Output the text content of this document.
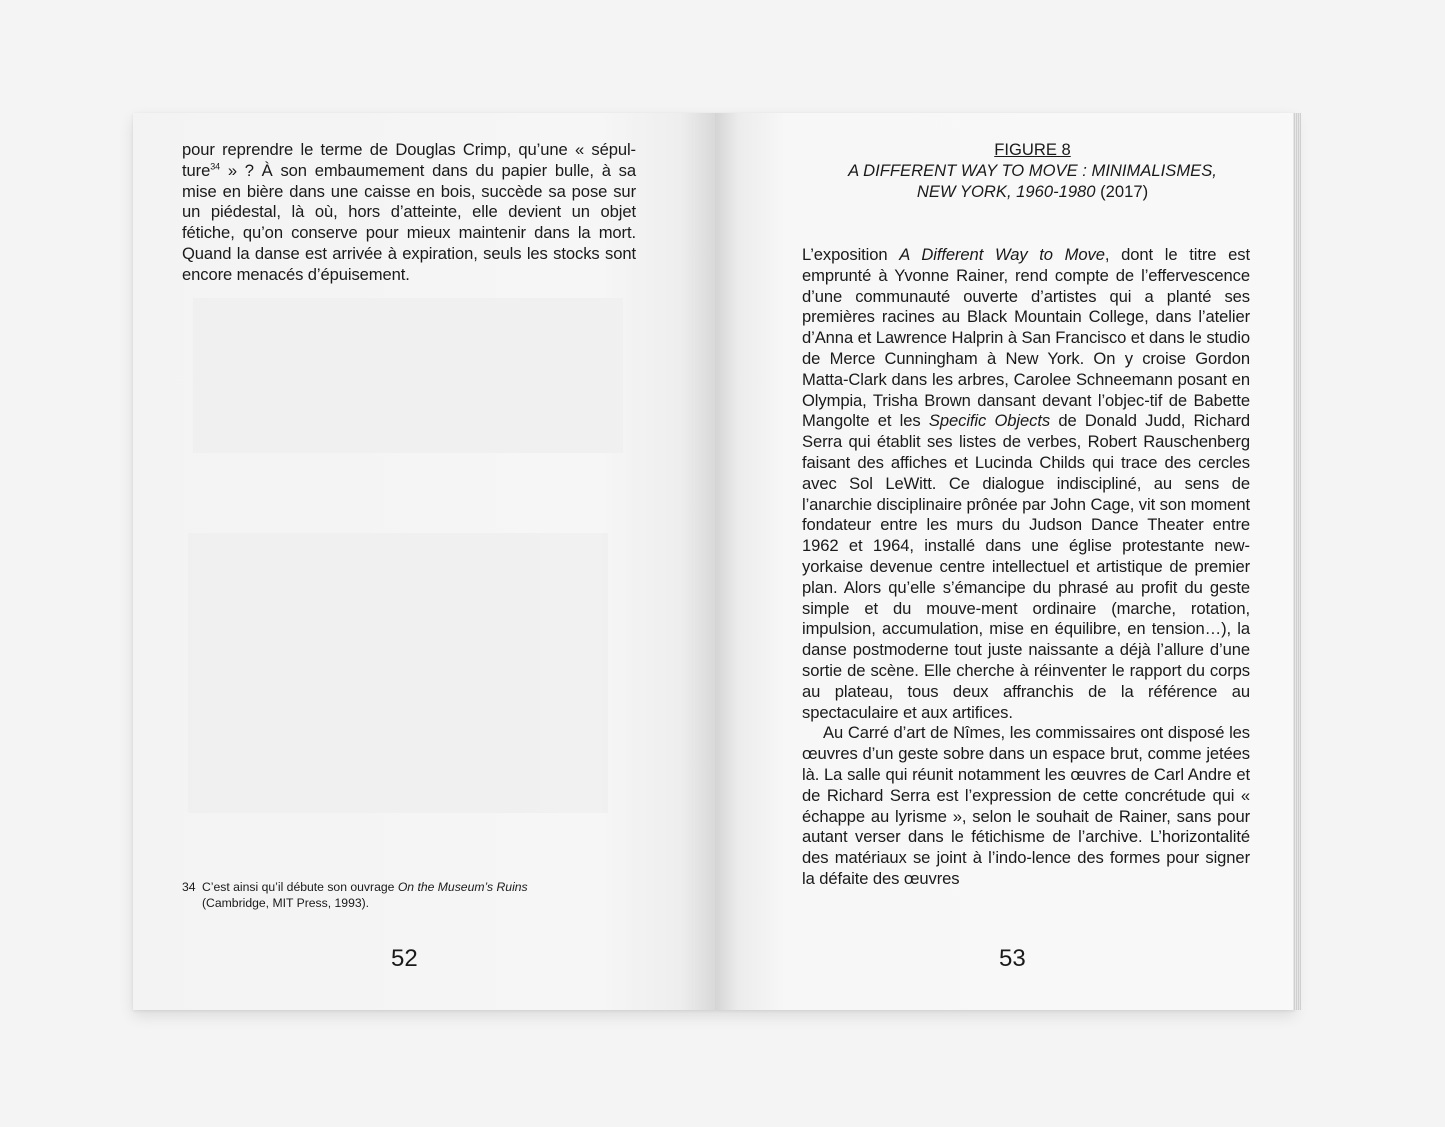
pour reprendre le terme de Douglas Crimp, qu’une « sépul-ture$^{34}$ » ? À son embaumement dans du papier bulle, à sa mise en bière dans une caisse en bois, succède sa pose sur un piédestal, là où, hors d’atteinte, elle devient un objet fétiche, qu’on conserve pour mieux maintenir dans la mort. Quand la danse est arrivée à expiration, seuls les stocks sont encore menacés d’épuisement.

34 C’est ainsi qu’il débute son ouvrage On the Museum’s Ruins
(Cambridge, MIT Press, 1993).
52
FIGURE 8
A DIFFERENT WAY TO MOVE : MINIMALISMES,
NEW YORK, 1960-1980 (2017)

L’exposition A Different Way to Move, dont le titre est emprunté à Yvonne Rainer, rend compte de l’effervescence d’une communauté ouverte d’artistes qui a planté ses premières racines au Black Mountain College, dans l’atelier d’Anna et Lawrence Halprin à San Francisco et dans le studio de Merce Cunningham à New York. On y croise Gordon Matta-Clark dans les arbres, Carolee Schneemann posant en Olympia, Trisha Brown dansant devant l’objec-tif de Babette Mangolte et les Specific Objects de Donald Judd, Richard Serra qui établit ses listes de verbes, Robert Rauschenberg faisant des affiches et Lucinda Childs qui trace des cercles avec Sol LeWitt. Ce dialogue indiscipliné, au sens de l’anarchie disciplinaire prônée par John Cage, vit son moment fondateur entre les murs du Judson Dance Theater entre 1962 et 1964, installé dans une église protestante new-yorkaise devenue centre intellectuel et artistique de premier plan. Alors qu’elle s’émancipe du phrasé au profit du geste simple et du mouve-ment ordinaire (marche, rotation, impulsion, accumulation, mise en équilibre, en tension…), la danse postmoderne tout juste naissante a déjà l’allure d’une sortie de scène. Elle cherche à réinventer le rapport du corps au plateau, tous deux affranchis de la référence au spectaculaire et aux artifices.

Au Carré d’art de Nîmes, les commissaires ont disposé les œuvres d’un geste sobre dans un espace brut, comme jetées là. La salle qui réunit notamment les œuvres de Carl Andre et de Richard Serra est l’expression de cette concrétude qui « échappe au lyrisme », selon le souhait de Rainer, sans pour autant verser dans le fétichisme de l’archive. L’horizontalité des matériaux se joint à l’indo-lence des formes pour signer la défaite des œuvres

53
